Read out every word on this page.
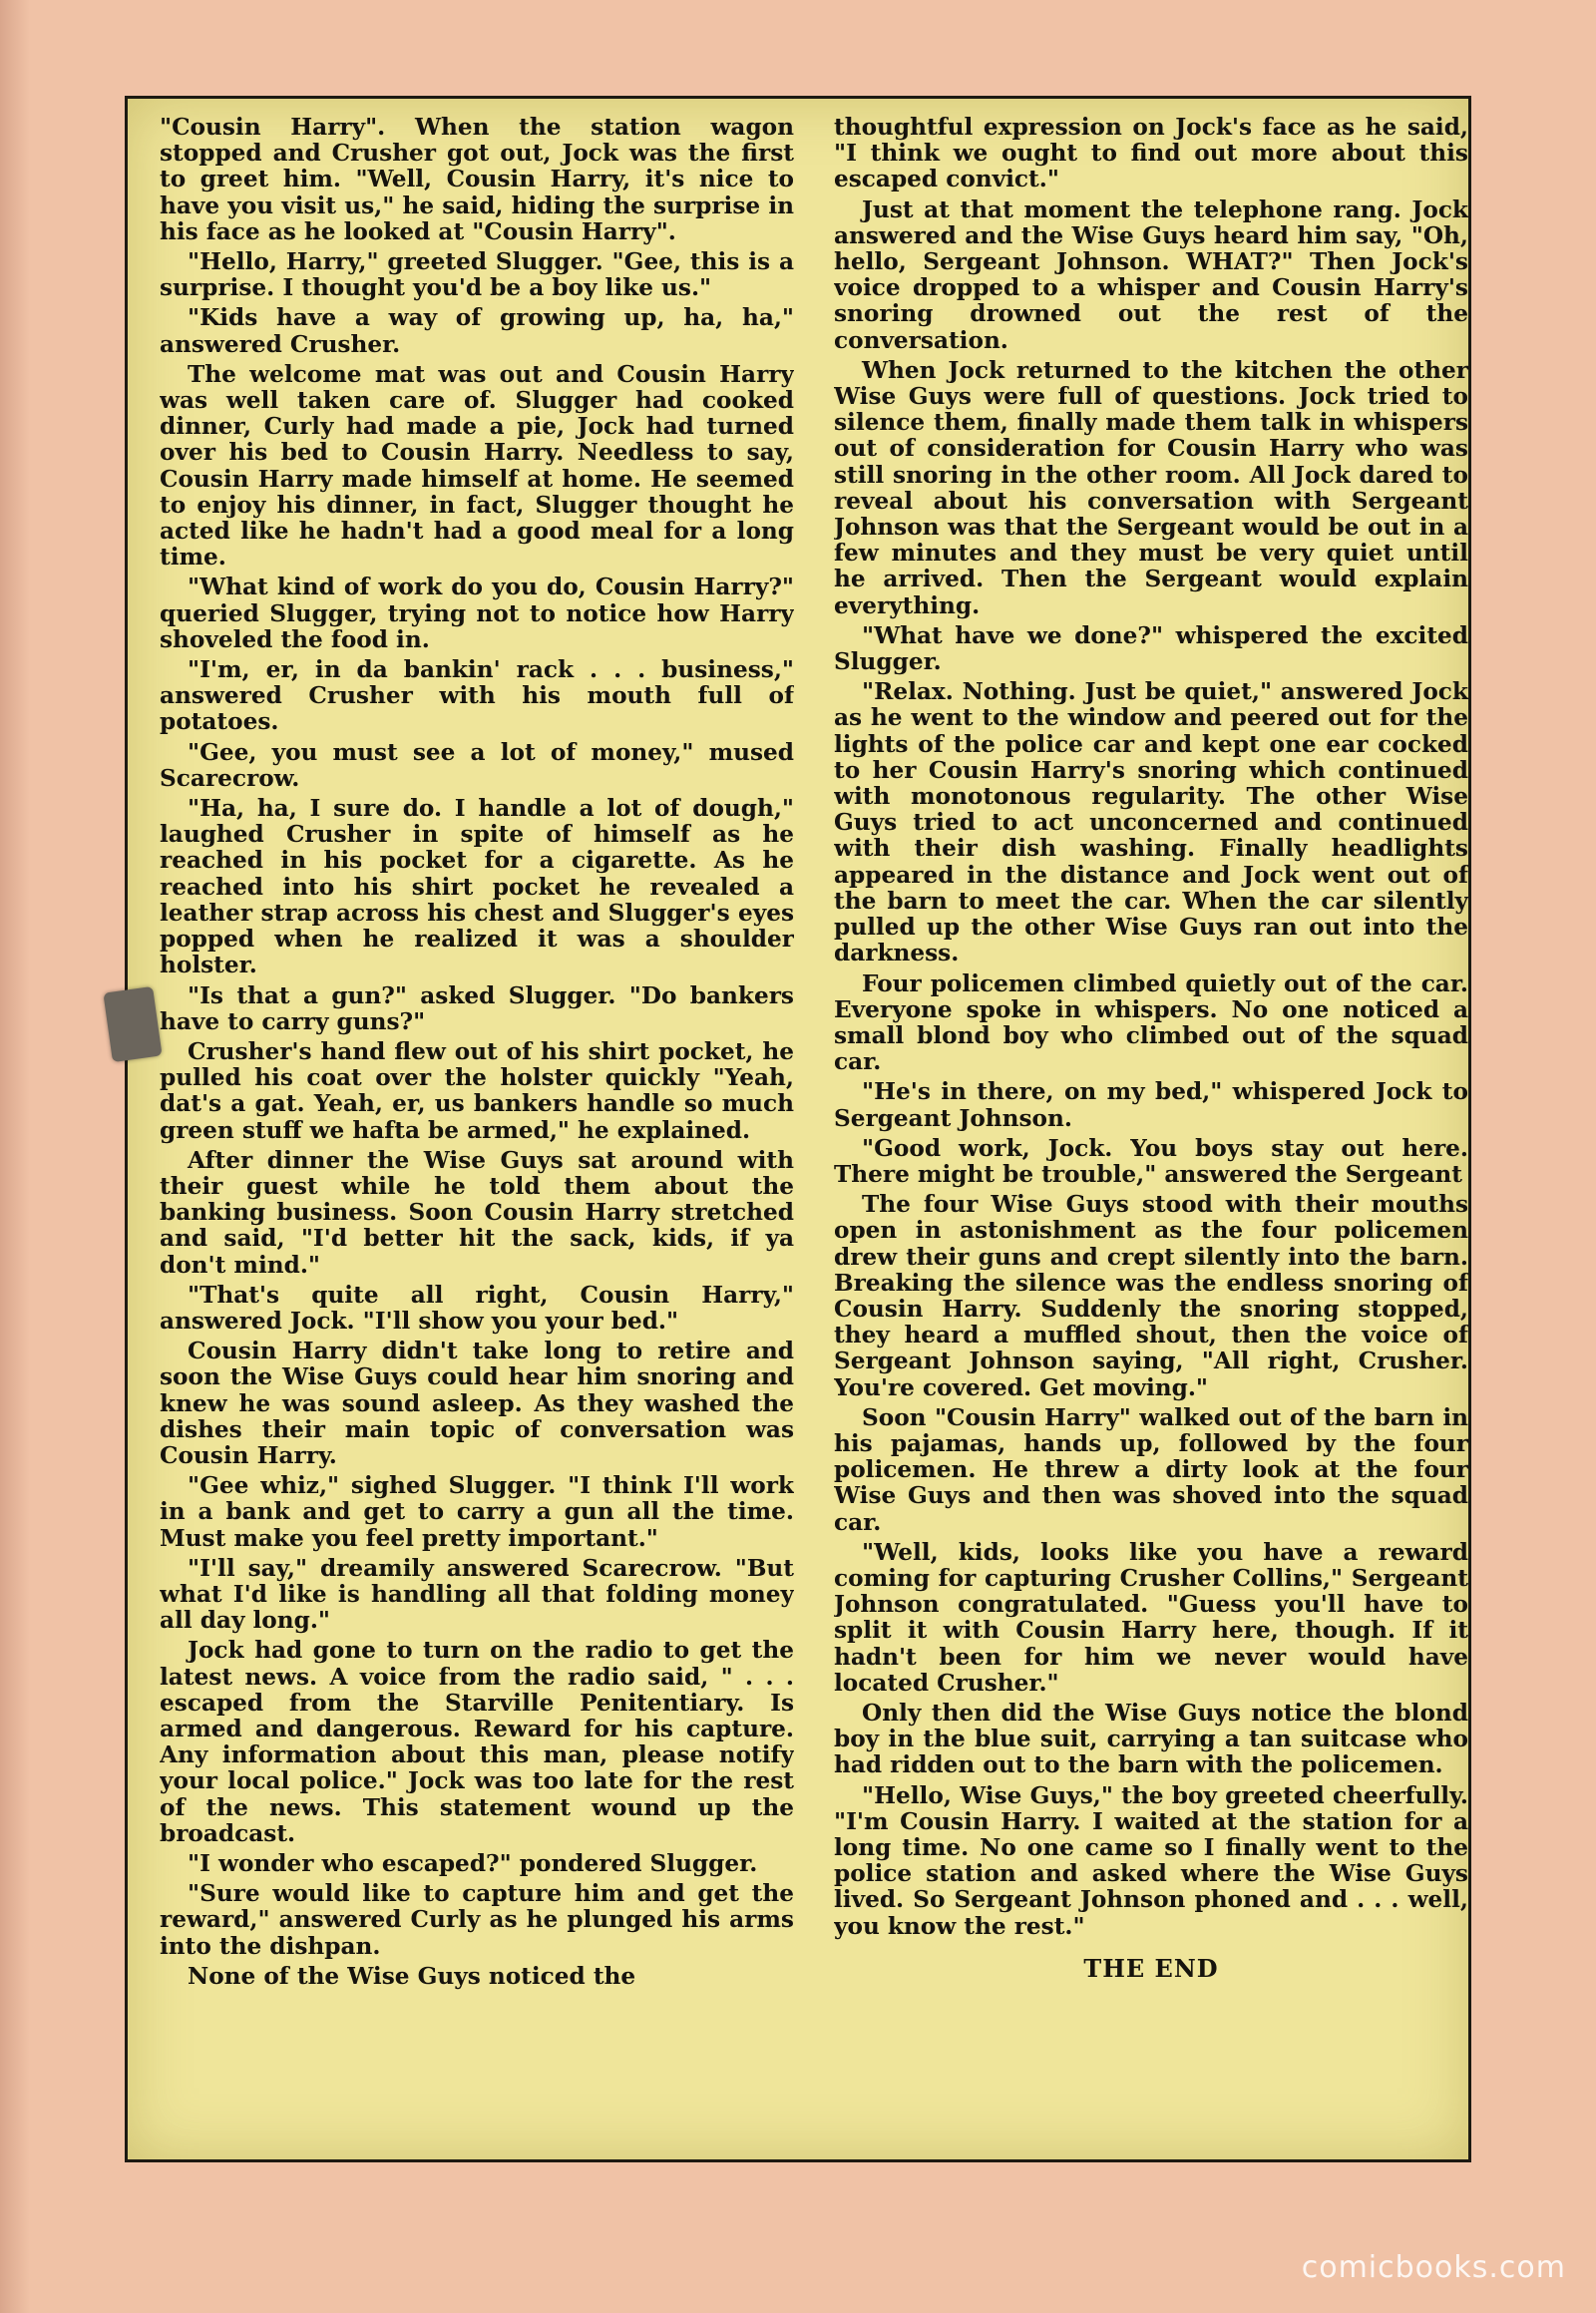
"Cousin Harry". When the station wagon stopped and Crusher got out, Jock was the first to greet him. "Well, Cousin Harry, it's nice to have you visit us," he said, hiding the surprise in his face as he looked at "Cousin Harry".

"Hello, Harry," greeted Slugger. "Gee, this is a surprise. I thought you'd be a boy like us."

"Kids have a way of growing up, ha, ha," answered Crusher.

The welcome mat was out and Cousin Harry was well taken care of. Slugger had cooked dinner, Curly had made a pie, Jock had turned over his bed to Cousin Harry. Needless to say, Cousin Harry made himself at home. He seemed to enjoy his dinner, in fact, Slugger thought he acted like he hadn't had a good meal for a long time.

"What kind of work do you do, Cousin Harry?" queried Slugger, trying not to notice how Harry shoveled the food in.

"I'm, er, in da bankin' rack . . . business," answered Crusher with his mouth full of potatoes.

"Gee, you must see a lot of money," mused Scarecrow.

"Ha, ha, I sure do. I handle a lot of dough," laughed Crusher in spite of himself as he reached in his pocket for a cigarette. As he reached into his shirt pocket he revealed a leather strap across his chest and Slugger's eyes popped when he realized it was a shoulder holster.

"Is that a gun?" asked Slugger. "Do bankers have to carry guns?"

Crusher's hand flew out of his shirt pocket, he pulled his coat over the holster quickly "Yeah, dat's a gat. Yeah, er, us bankers handle so much green stuff we hafta be armed," he explained.

After dinner the Wise Guys sat around with their guest while he told them about the banking business. Soon Cousin Harry stretched and said, "I'd better hit the sack, kids, if ya don't mind."

"That's quite all right, Cousin Harry," answered Jock. "I'll show you your bed."

Cousin Harry didn't take long to retire and soon the Wise Guys could hear him snoring and knew he was sound asleep. As they washed the dishes their main topic of conversation was Cousin Harry.

"Gee whiz," sighed Slugger. "I think I'll work in a bank and get to carry a gun all the time. Must make you feel pretty important."

"I'll say," dreamily answered Scarecrow. "But what I'd like is handling all that folding money all day long."

Jock had gone to turn on the radio to get the latest news. A voice from the radio said, " . . . escaped from the Starville Penitentiary. Is armed and dangerous. Reward for his capture. Any information about this man, please notify your local police." Jock was too late for the rest of the news. This statement wound up the broadcast.

"I wonder who escaped?" pondered Slugger.

"Sure would like to capture him and get the reward," answered Curly as he plunged his arms into the dishpan.

None of the Wise Guys noticed the

thoughtful expression on Jock's face as he said, "I think we ought to find out more about this escaped convict."

Just at that moment the telephone rang. Jock answered and the Wise Guys heard him say, "Oh, hello, Sergeant Johnson. WHAT?" Then Jock's voice dropped to a whisper and Cousin Harry's snoring drowned out the rest of the conversation.

When Jock returned to the kitchen the other Wise Guys were full of questions. Jock tried to silence them, finally made them talk in whispers out of consideration for Cousin Harry who was still snoring in the other room. All Jock dared to reveal about his conversation with Sergeant Johnson was that the Sergeant would be out in a few minutes and they must be very quiet until he arrived. Then the Sergeant would explain everything.

"What have we done?" whispered the excited Slugger.

"Relax. Nothing. Just be quiet," answered Jock as he went to the window and peered out for the lights of the police car and kept one ear cocked to her Cousin Harry's snoring which continued with monotonous regularity. The other Wise Guys tried to act unconcerned and continued with their dish washing. Finally headlights appeared in the distance and Jock went out of the barn to meet the car. When the car silently pulled up the other Wise Guys ran out into the darkness.

Four policemen climbed quietly out of the car. Everyone spoke in whispers. No one noticed a small blond boy who climbed out of the squad car.

"He's in there, on my bed," whispered Jock to Sergeant Johnson.

"Good work, Jock. You boys stay out here. There might be trouble," answered the Sergeant

The four Wise Guys stood with their mouths open in astonishment as the four policemen drew their guns and crept silently into the barn. Breaking the silence was the endless snoring of Cousin Harry. Suddenly the snoring stopped, they heard a muffled shout, then the voice of Sergeant Johnson saying, "All right, Crusher. You're covered. Get moving."

Soon "Cousin Harry" walked out of the barn in his pajamas, hands up, followed by the four policemen. He threw a dirty look at the four Wise Guys and then was shoved into the squad car.

"Well, kids, looks like you have a reward coming for capturing Crusher Collins," Sergeant Johnson congratulated. "Guess you'll have to split it with Cousin Harry here, though. If it hadn't been for him we never would have located Crusher."

Only then did the Wise Guys notice the blond boy in the blue suit, carrying a tan suitcase who had ridden out to the barn with the policemen.

"Hello, Wise Guys," the boy greeted cheerfully. "I'm Cousin Harry. I waited at the station for a long time. No one came so I finally went to the police station and asked where the Wise Guys lived. So Sergeant Johnson phoned and . . . well, you know the rest."

THE END
comicbooks.com
